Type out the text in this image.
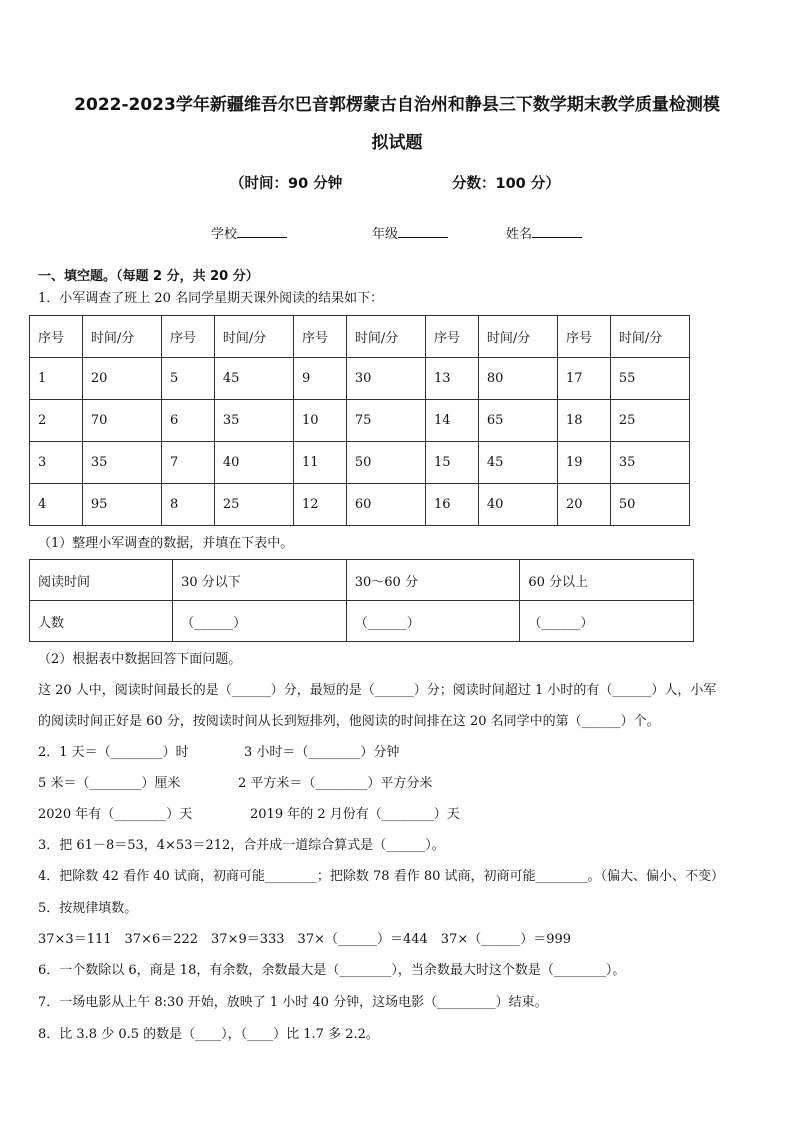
2022-2023学年新疆维吾尔巴音郭楞蒙古自治州和静县三下数学期末教学质量检测模
拟试题
（时间：90 分钟	分数：100 分）
学校	年级	姓名
一、填空题。（每题 2 分，共 20 分）
1．小军调查了班上 20 名同学星期天课外阅读的结果如下：
序号	时间/分	序号	时间/分	序号	时间/分	序号	时间/分	序号	时间/分
1	20	5	45	9	30	13	80	17	55
2	70	6	35	10	75	14	65	18	25
3	35	7	40	11	50	15	45	19	35
4	95	8	25	12	60	16	40	20	50
（1）整理小军调查的数据，并填在下表中。
阅读时间	30 分以下	30～60 分	60 分以上
人数	（______）	（______）	（______）
（2）根据表中数据回答下面问题。
这 20 人中，阅读时间最长的是（______）分，最短的是（______）分；阅读时间超过 1 小时的有（______）人，小军
的阅读时间正好是 60 分，按阅读时间从长到短排列，他阅读的时间排在这 20 名同学中的第（______）个。
2．1 天＝（________）时	3 小时＝（________）分钟
5 米＝（________）厘米	2 平方米＝（________）平方分米
2020 年有（________）天	2019 年的 2 月份有（________）天
3．把 61－8＝53，4×53＝212，合并成一道综合算式是（______）。
4．把除数 42 看作 40 试商，初商可能________；把除数 78 看作 80 试商，初商可能________。（偏大、偏小、不变）
5．按规律填数。
37×3＝111　37×6＝222　37×9＝333　37×（______）＝444　37×（______）＝999
6．一个数除以 6，商是 18，有余数，余数最大是（________），当余数最大时这个数是（________）。
7．一场电影从上午 8:30 开始，放映了 1 小时 40 分钟，这场电影（_________）结束。
8．比 3.8 少 0.5 的数是（____），（____）比 1.7 多 2.2。
